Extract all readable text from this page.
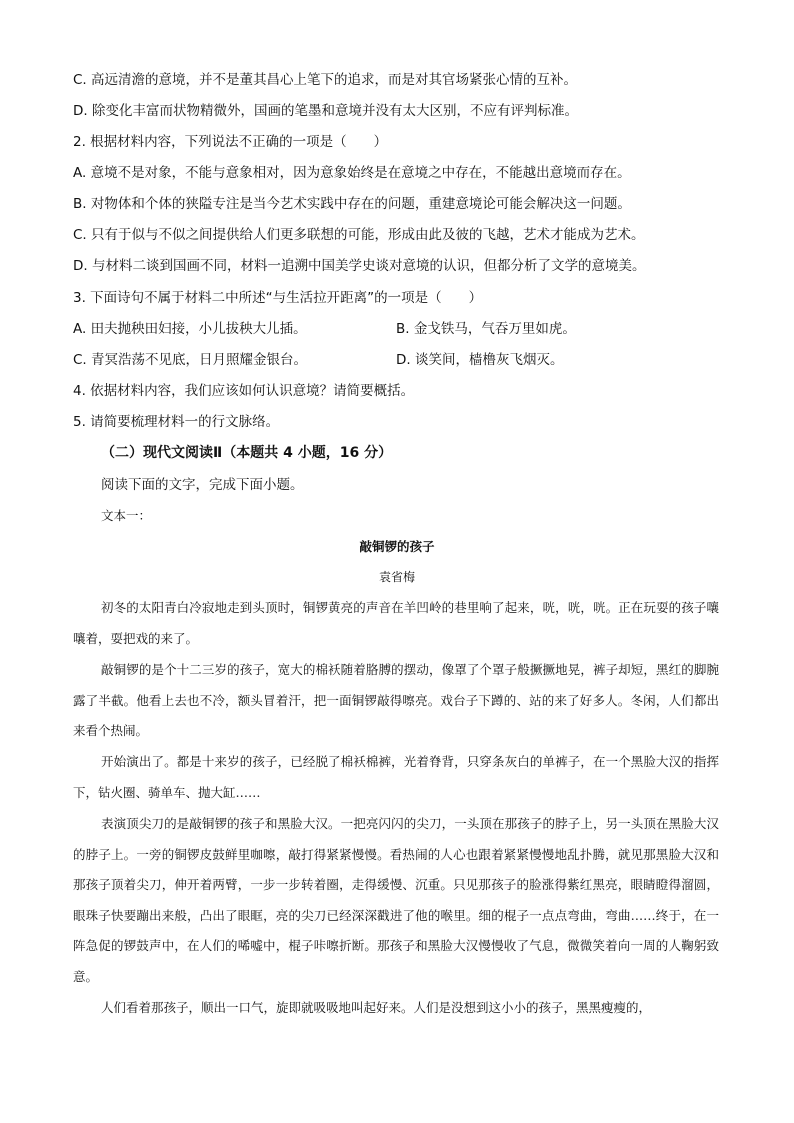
C. 高远清澹的意境，并不是董其昌心上笔下的追求，而是对其官场紧张心情的互补。
D. 除变化丰富而状物精微外，国画的笔墨和意境并没有太大区别，不应有评判标准。
2. 根据材料内容，下列说法不正确的一项是（　　）
A. 意境不是对象，不能与意象相对，因为意象始终是在意境之中存在，不能越出意境而存在。
B. 对物体和个体的狭隘专注是当今艺术实践中存在的问题，重建意境论可能会解决这一问题。
C. 只有于似与不似之间提供给人们更多联想的可能，形成由此及彼的飞越，艺术才能成为艺术。
D. 与材料二谈到国画不同，材料一追溯中国美学史谈对意境的认识，但都分析了文学的意境美。
3. 下面诗句不属于材料二中所述“与生活拉开距离”的一项是（　　）
A. 田夫抛秧田妇接，小儿拔秧大儿插。	B. 金戈铁马，气吞万里如虎。
C. 青冥浩荡不见底，日月照耀金银台。	D. 谈笑间，樯橹灰飞烟灭。
4. 依据材料内容，我们应该如何认识意境？请简要概括。
5. 请简要梳理材料一的行文脉络。
（二）现代文阅读Ⅱ（本题共 4 小题，16 分）
阅读下面的文字，完成下面小题。
文本一：
敲铜锣的孩子
袁省梅
初冬的太阳青白冷寂地走到头顶时，铜锣黄亮的声音在羊凹岭的巷里响了起来，咣，咣，咣。正在玩耍的孩子嚷嚷着，耍把戏的来了。
敲铜锣的是个十二三岁的孩子，宽大的棉袄随着胳膊的摆动，像罩了个罩子般撅撅地晃，裤子却短，黑红的脚腕露了半截。他看上去也不冷，额头冒着汗，把一面铜锣敲得嚓亮。戏台子下蹲的、站的来了好多人。冬闲，人们都出来看个热闹。
开始演出了。都是十来岁的孩子，已经脱了棉袄棉裤，光着脊背，只穿条灰白的单裤子，在一个黑脸大汉的指挥下，钻火圈、骑单车、抛大缸……
表演顶尖刀的是敲铜锣的孩子和黑脸大汉。一把亮闪闪的尖刀，一头顶在那孩子的脖子上，另一头顶在黑脸大汉的脖子上。一旁的铜锣皮鼓鲜里咖嚓，敲打得紧紧慢慢。看热闹的人心也跟着紧紧慢慢地乱扑腾，就见那黑脸大汉和那孩子顶着尖刀，伸开着两臂，一步一步转着圈，走得缓慢、沉重。只见那孩子的脸涨得紫红黑亮，眼睛瞪得溜圆，眼珠子快要蹦出来般，凸出了眼眶，亮的尖刀已经深深戳进了他的喉里。细的棍子一点点弯曲，弯曲……终于，在一阵急促的锣鼓声中，在人们的唏嘘中，棍子咔嚓折断。那孩子和黑脸大汉慢慢收了气息，微微笑着向一周的人鞠躬致意。
人们看着那孩子，顺出一口气，旋即就吸吸地叫起好来。人们是没想到这小小的孩子，黑黑瘦瘦的，
